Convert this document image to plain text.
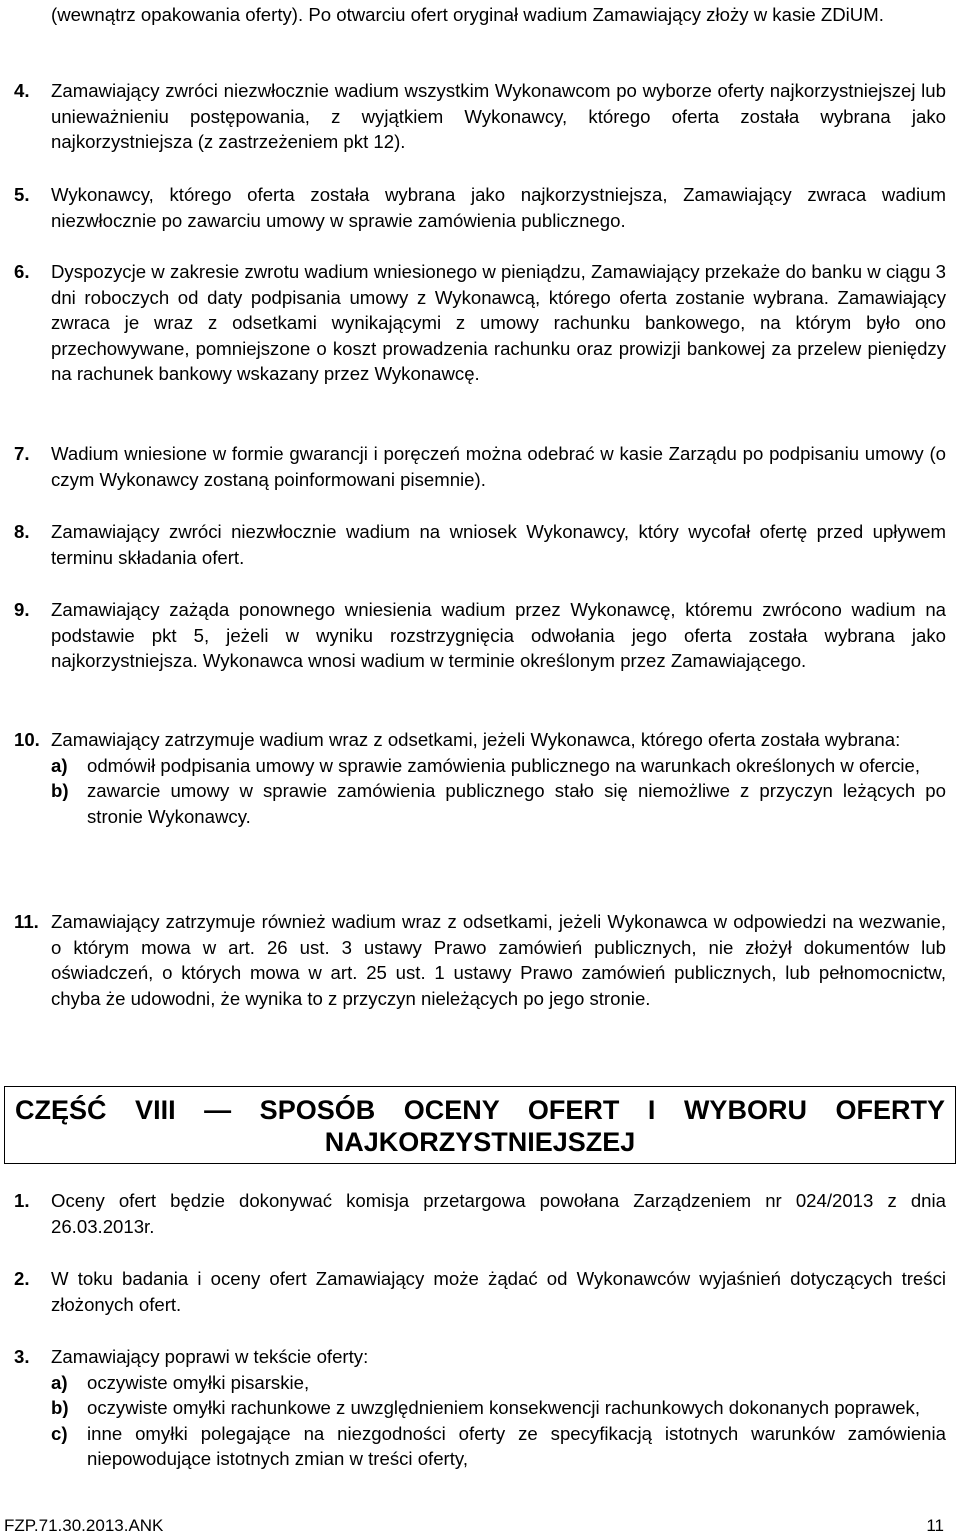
(wewnątrz opakowania oferty). Po otwarciu ofert oryginał wadium Zamawiający złoży w kasie ZDiUM.
4.	Zamawiający zwróci niezwłocznie wadium wszystkim Wykonawcom po wyborze oferty najkorzystniejszej lub unieważnieniu postępowania, z wyjątkiem Wykonawcy, którego oferta została wybrana jako najkorzystniejsza (z zastrzeżeniem pkt 12).
5.	Wykonawcy, którego oferta została wybrana jako najkorzystniejsza, Zamawiający zwraca wadium niezwłocznie po zawarciu umowy w sprawie zamówienia publicznego.
6.	Dyspozycje w zakresie zwrotu wadium wniesionego w pieniądzu, Zamawiający przekaże do banku w ciągu 3 dni roboczych od daty podpisania umowy z Wykonawcą, którego oferta zostanie wybrana. Zamawiający zwraca je wraz z odsetkami wynikającymi z umowy rachunku bankowego, na którym było ono przechowywane, pomniejszone o koszt prowadzenia rachunku oraz prowizji bankowej za przelew pieniędzy na rachunek bankowy wskazany przez Wykonawcę.
7.	Wadium wniesione w formie gwarancji i poręczeń można odebrać w kasie Zarządu po podpisaniu umowy (o czym Wykonawcy zostaną poinformowani pisemnie).
8.	Zamawiający zwróci niezwłocznie wadium na wniosek Wykonawcy, który wycofał ofertę przed upływem terminu składania ofert.
9.	Zamawiający zażąda ponownego wniesienia wadium przez Wykonawcę, któremu zwrócono wadium na podstawie pkt 5, jeżeli w wyniku rozstrzygnięcia odwołania jego oferta została wybrana jako najkorzystniejsza. Wykonawca wnosi wadium w terminie określonym przez Zamawiającego.
10. Zamawiający zatrzymuje wadium wraz z odsetkami, jeżeli Wykonawca, którego oferta została wybrana:
a)	odmówił podpisania umowy w sprawie zamówienia publicznego na warunkach określonych w ofercie,
b) zawarcie umowy w sprawie zamówienia publicznego stało się niemożliwe z przyczyn leżących po stronie Wykonawcy.
11. Zamawiający zatrzymuje również wadium wraz z odsetkami, jeżeli Wykonawca w odpowiedzi na wezwanie, o którym mowa w art. 26 ust. 3 ustawy Prawo zamówień publicznych, nie złożył dokumentów lub oświadczeń, o których mowa w art. 25 ust. 1 ustawy Prawo zamówień publicznych, lub pełnomocnictw, chyba że udowodni, że wynika to z przyczyn nieleżących po jego stronie.
CZĘŚĆ VIII — SPOSÓB OCENY OFERT I WYBORU OFERTY
NAJKORZYSTNIEJSZEJ
1.	Oceny ofert będzie dokonywać komisja przetargowa powołana Zarządzeniem nr 024/2013 z dnia 26.03.2013r.
2.	W toku badania i oceny ofert Zamawiający może żądać od Wykonawców wyjaśnień dotyczących treści złożonych ofert.
3.	Zamawiający poprawi w tekście oferty:
a)	oczywiste omyłki pisarskie,
b) oczywiste omyłki rachunkowe z uwzględnieniem konsekwencji rachunkowych dokonanych poprawek,
c)	inne omyłki polegające na niezgodności oferty ze specyfikacją istotnych warunków zamówienia niepowodujące istotnych zmian w treści oferty,
FZP.71.30.2013.ANK	11
